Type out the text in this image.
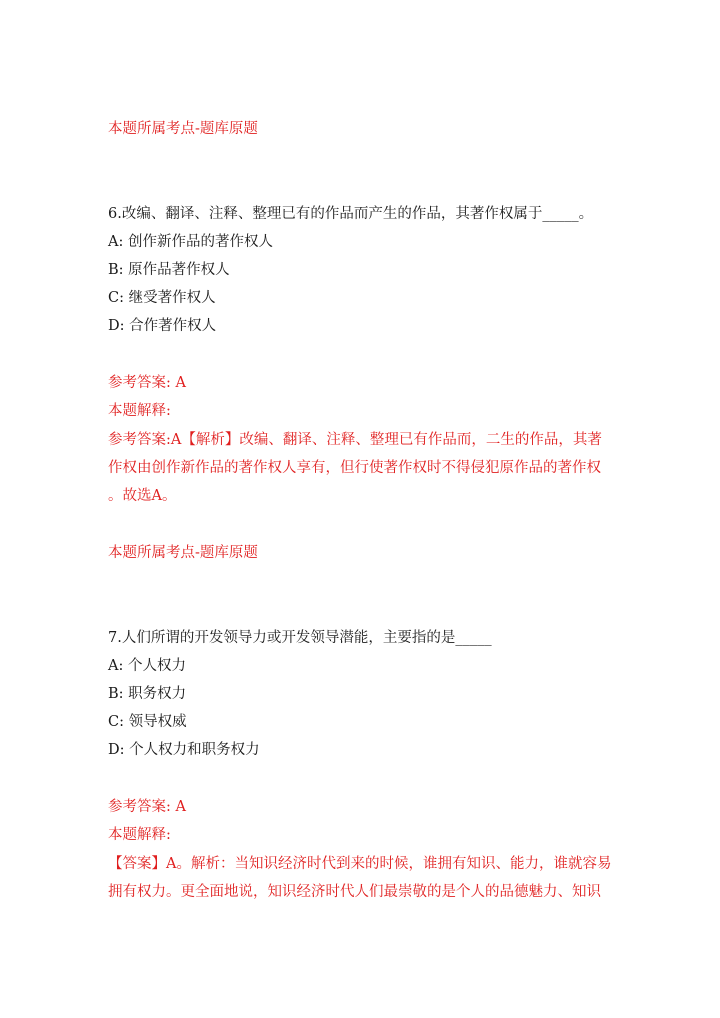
本题所属考点-题库原题
6.改编、翻译、注释、整理已有的作品而产生的作品，其著作权属于_____。
A: 创作新作品的著作权人
B: 原作品著作权人
C: 继受著作权人
D: 合作著作权人
参考答案: A
本题解释:
参考答案:A【解析】改编、翻译、注释、整理已有作品而，二生的作品，其著
作权由创作新作品的著作权人享有，但行使著作权时不得侵犯原作品的著作权
。故选A。
本题所属考点-题库原题
7.人们所谓的开发领导力或开发领导潜能，主要指的是_____
A: 个人权力
B: 职务权力
C: 领导权威
D: 个人权力和职务权力
参考答案: A
本题解释:
【答案】A。解析：当知识经济时代到来的时候，谁拥有知识、能力，谁就容易
拥有权力。更全面地说，知识经济时代人们最崇敬的是个人的品德魅力、知识
